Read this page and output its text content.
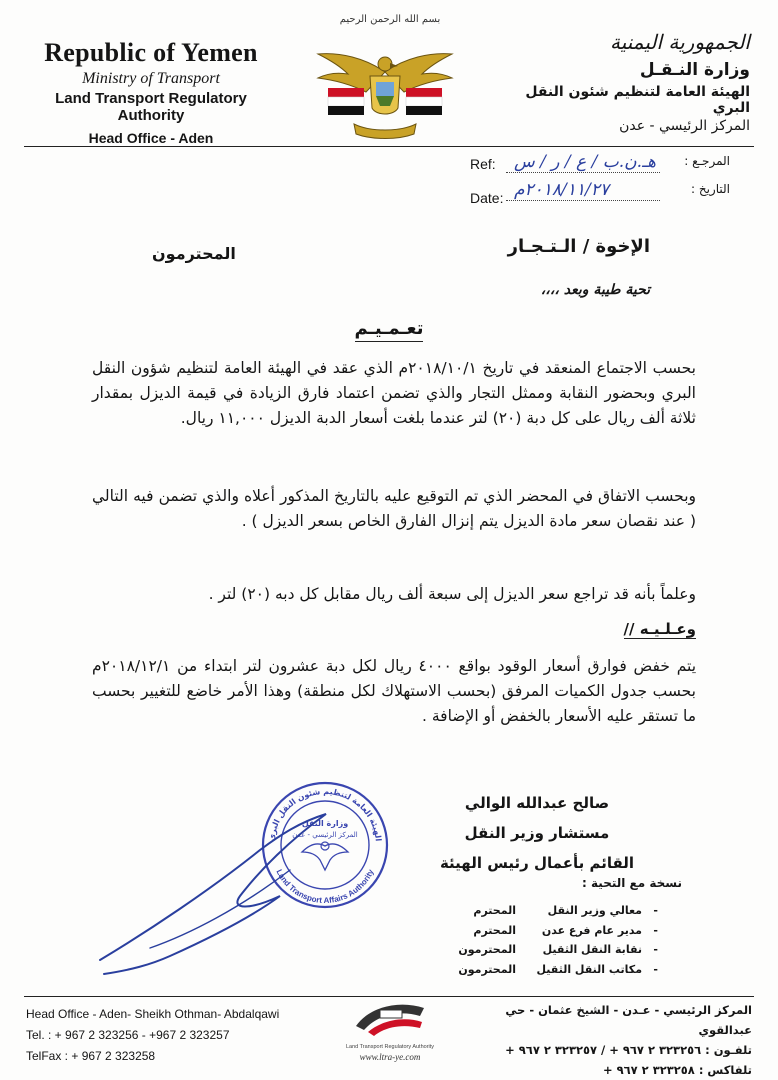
Republic of Yemen
Ministry of Transport
Land Transport Regulatory Authority
Head Office - Aden
بسم الله الرحمن الرحيم
الجمهورية اليمنية
وزارة النـقـل
الهيئة العامة لتنظيم شئون النقل البري
المركز الرئيسي - عدن
المرجـع :
Ref: هـ.ن.ب / ع / ر / س
التاريخ :
Date: ٢٠١٨/١١/٢٧م
الإخوة / الـتـجـار
المحترمون
تحية طيبة وبعد ،،،،
تعـمـيـم
بحسب الاجتماع المنعقد في تاريخ ٢٠١٨/١٠/١م الذي عقد في الهيئة العامة لتنظيم شؤون النقل البري وبحضور النقابة وممثل التجار والذي تضمن اعتماد فارق الزيادة في قيمة الديزل بمقدار ثلاثة ألف ريال على كل دبة (٢٠) لتر عندما بلغت أسعار الدبة الديزل ١١,٠٠٠ ريال.
وبحسب الاتفاق في المحضر الذي تم التوقيع عليه بالتاريخ المذكور أعلاه والذي تضمن فيه التالي ( عند نقصان سعر مادة الديزل يتم إنزال الفارق الخاص بسعر الديزل ) .
وعلماً بأنه قد تراجع سعر الديزل إلى سبعة ألف ريال مقابل كل دبه (٢٠) لتر .
وعـلـيـه //
يتم خفض فوارق أسعار الوقود بواقع ٤٠٠٠ ريال لكل دبة عشرون لتر ابتداء من ٢٠١٨/١٢/١م بحسب جدول الكميات المرفق (بحسب الاستهلاك لكل منطقة) وهذا الأمر خاضع للتغيير بحسب ما تستقر عليه الأسعار بالخفض أو الإضافة .
صالح عبدالله الوالي
مستشار وزير النقل
القائم بأعمال رئيس الهيئة
الهيئة العامة لتنظيم شئون النقل البري
Land Transport Affairs Authority
وزارة النقل
المركز الرئيسي - عدن
نسخة مع التحية :
-
معالي وزير النقل
المحترم
-
مدير عام فرع عدن
المحترم
-
نقابة النقل الثقيل
المحترمون
-
مكاتب النقل الثقيل
المحترمون
Head Office - Aden- Sheikh Othman- Abdalqawi
Tel. : + 967 2 323256 - +967 2 323257
TelFax : + 967 2 323258
Land Transport Regulatory Authority
www.ltra-ye.com
المركز الرئيسي - عـدن - الشيخ عثمان - حي عبدالقوي
تلفـون : ٣٢٣٢٥٦ ٢ ٩٦٧ + / ٣٢٣٢٥٧ ٢ ٩٦٧ +
تلفاكس : ٣٢٣٢٥٨ ٢ ٩٦٧ +
